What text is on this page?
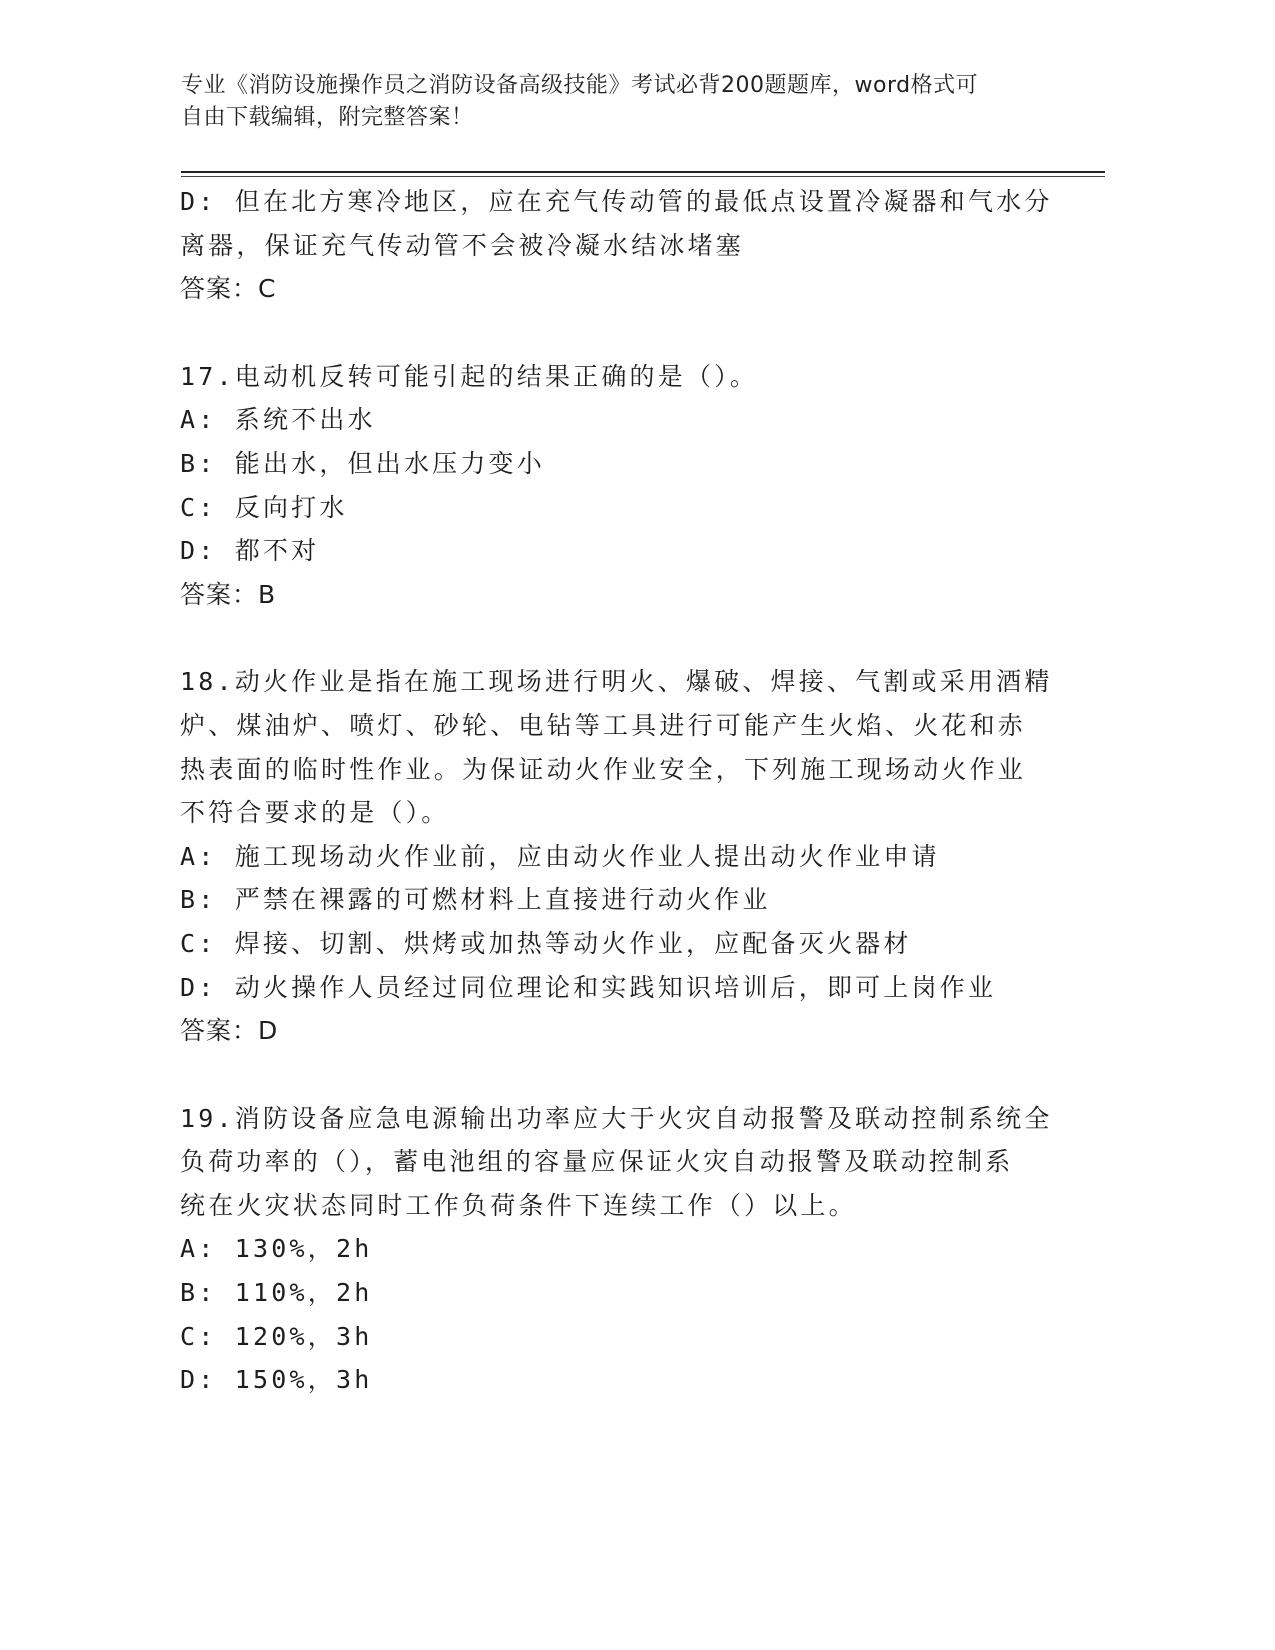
专业《消防设施操作员之消防设备高级技能》考试必背200题题库，word格式可
自由下载编辑，附完整答案！
D: 但在北方寒冷地区，应在充气传动管的最低点设置冷凝器和气水分
离器，保证充气传动管不会被冷凝水结冰堵塞
答案：C
17.电动机反转可能引起的结果正确的是（）。
A: 系统不出水
B: 能出水，但出水压力变小
C: 反向打水
D: 都不对
答案：B
18.动火作业是指在施工现场进行明火、爆破、焊接、气割或采用酒精
炉、煤油炉、喷灯、砂轮、电钻等工具进行可能产生火焰、火花和赤
热表面的临时性作业。为保证动火作业安全，下列施工现场动火作业
不符合要求的是（）。
A: 施工现场动火作业前，应由动火作业人提出动火作业申请
B: 严禁在裸露的可燃材料上直接进行动火作业
C: 焊接、切割、烘烤或加热等动火作业，应配备灭火器材
D: 动火操作人员经过同位理论和实践知识培训后，即可上岗作业
答案：D
19.消防设备应急电源输出功率应大于火灾自动报警及联动控制系统全
负荷功率的（），蓄电池组的容量应保证火灾自动报警及联动控制系
统在火灾状态同时工作负荷条件下连续工作（）以上。
A: 130%，2h
B: 110%，2h
C: 120%，3h
D: 150%，3h
